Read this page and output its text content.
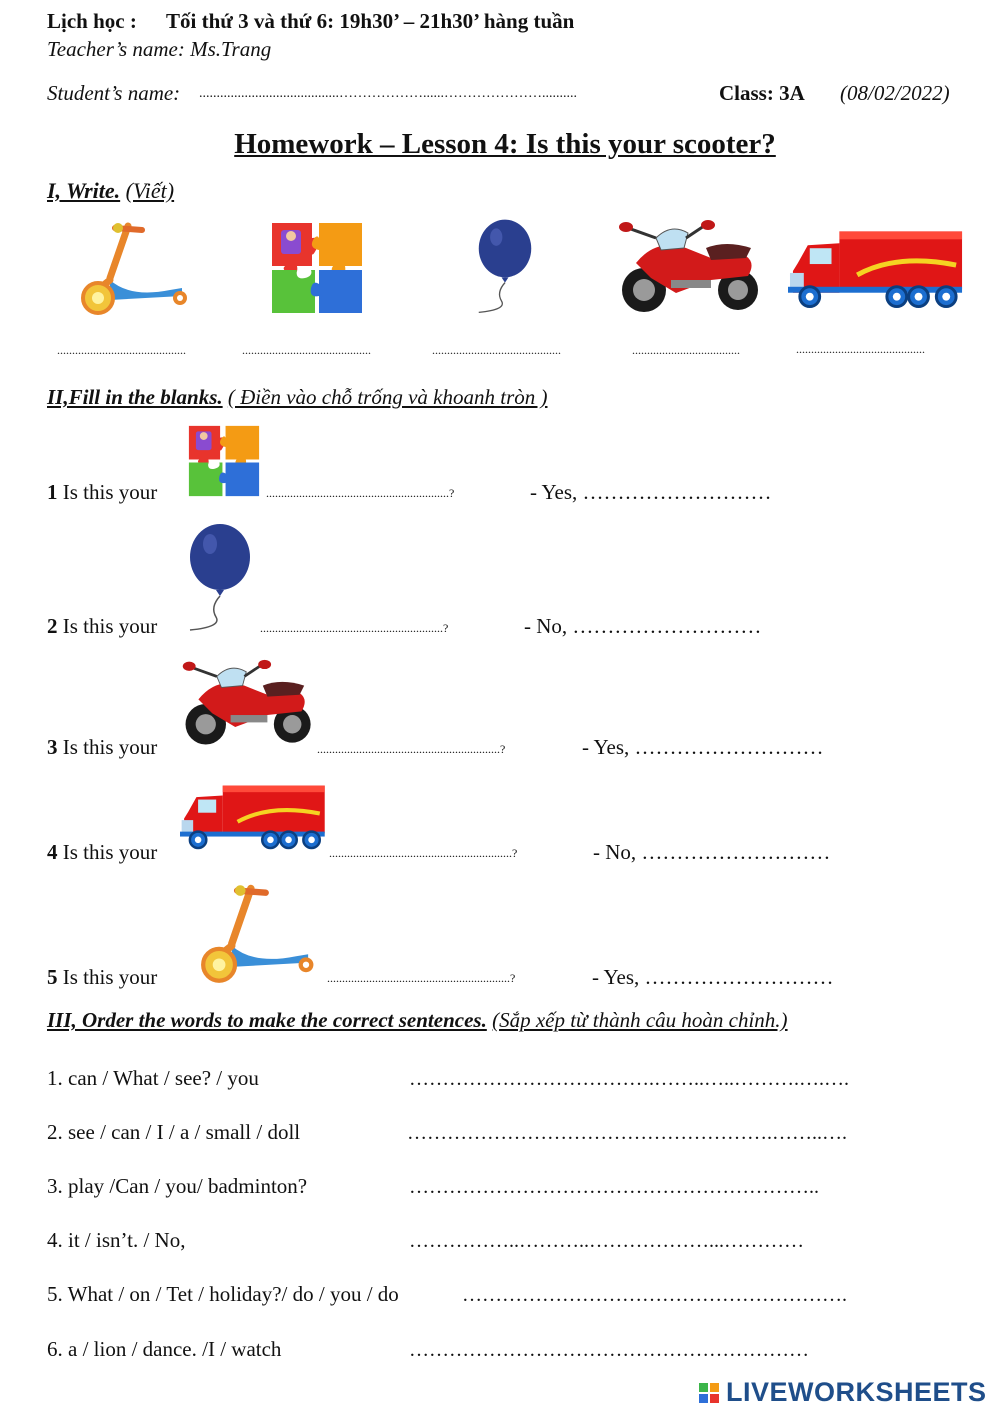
Lịch học : Tối thứ 3 và thứ 6: 19h30’ – 21h30’ hàng tuần
Teacher’s name: Ms.Trang
Student’s name: ........................................………………......…………………..........	Class: 3A (08/02/2022)
Homework – Lesson 4: Is this your scooter?
I, Write. (Viết)
...........................................	...........................................	...........................................	....................................	...........................................
II,Fill in the blanks. ( Điền vào chỗ trống và khoanh tròn )
1 Is this your	.............................................................?	- Yes, ………………………
2 Is this your	.............................................................?	- No, ………………………
3 Is this your	.............................................................?	- Yes, ………………………
4 Is this your	.............................................................?	- No, ………………………
5 Is this your	.............................................................?	- Yes, ………………………
III, Order the words to make the correct sentences. (Sắp xếp từ thành câu hoàn chỉnh.)
1. can / What / see? / you	……………………………….……..…..……….….….
2. see / can / I / a / small / doll	……………………………………………….……..….
3. play /Can / you/ badminton?	……………………………………………………..
4. it / isn’t. / No,	……………..………..………………...…………
5. What / on / Tet / holiday?/ do / you / do	………………………………………………….
6. a / lion / dance. /I / watch	……………………………………………………

LIVEWORKSHEETS
